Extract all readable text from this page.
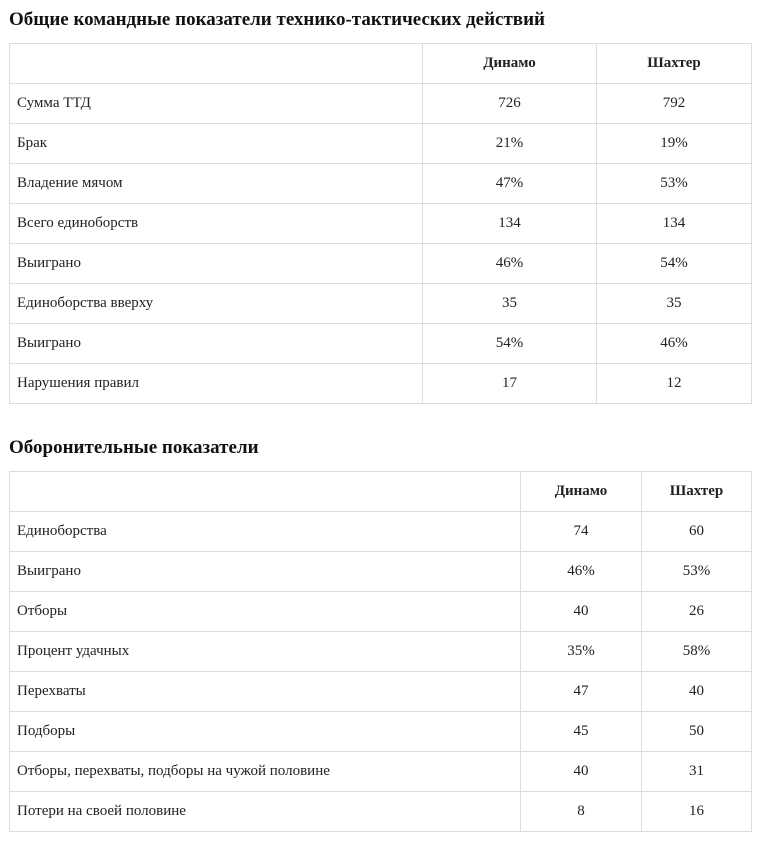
Общие командные показатели технико-тактических действий
	Динамо	Шахтер
Сумма ТТД	726	792
Брак	21%	19%
Владение мячом	47%	53%
Всего единоборств	134	134
Выиграно	46%	54%
Единоборства вверху	35	35
Выиграно	54%	46%
Нарушения правил	17	12
Оборонительные показатели
	Динамо	Шахтер
Единоборства	74	60
Выиграно	46%	53%
Отборы	40	26
Процент удачных	35%	58%
Перехваты	47	40
Подборы	45	50
Отборы, перехваты, подборы на чужой половине	40	31
Потери на своей половине	8	16
